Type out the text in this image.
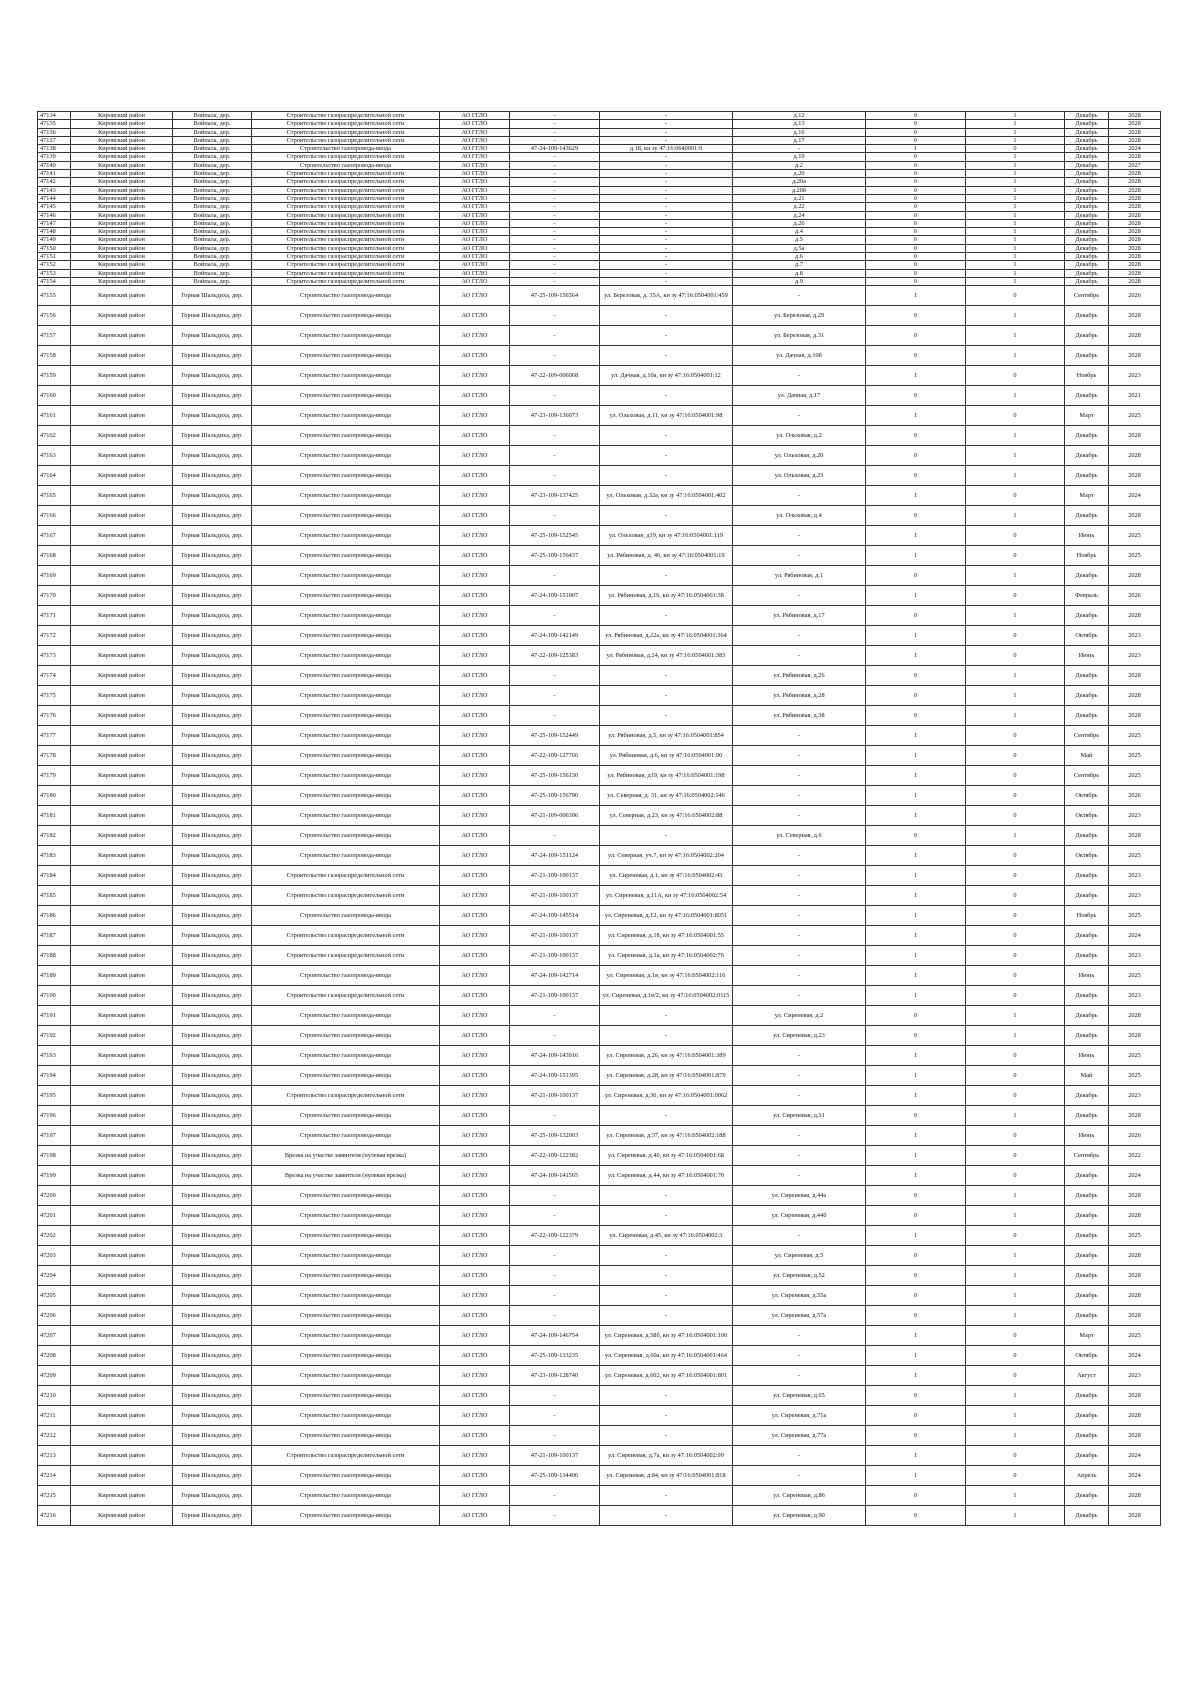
47134	Кировский район	Войпала, дер.	Строительство газораспределительной сети	АО ГГЛО	-	-	д.12	0	1	Декабрь	2028
47135	Кировский район	Войпала, дер.	Строительство газораспределительной сети	АО ГГЛО	-	-	д.13	0	1	Декабрь	2028
47136	Кировский район	Войпала, дер.	Строительство газораспределительной сети	АО ГГЛО	-	-	д.16	0	1	Декабрь	2028
47137	Кировский район	Войпала, дер.	Строительство газораспределительной сети	АО ГГЛО	-	-	д.17	0	1	Декабрь	2028
47138	Кировский район	Войпала, дер.	Строительство газопровода-ввода	АО ГГЛО	47-24-109-143629	д.18, кн зу 47:16:0640001:9	-	1	0	Декабрь	2024
47139	Кировский район	Войпала, дер.	Строительство газораспределительной сети	АО ГГЛО	-	-	д.19	0	1	Декабрь	2028
47140	Кировский район	Войпала, дер.	Строительство газопровода-ввода	АО ГГЛО	-	-	д.2	0	1	Декабрь	2027
47141	Кировский район	Войпала, дер.	Строительство газораспределительной сети	АО ГГЛО	-	-	д.20	0	1	Декабрь	2028
47142	Кировский район	Войпала, дер.	Строительство газораспределительной сети	АО ГГЛО	-	-	д.20а	0	1	Декабрь	2028
47143	Кировский район	Войпала, дер.	Строительство газораспределительной сети	АО ГГЛО	-	-	д.20б	0	1	Декабрь	2028
47144	Кировский район	Войпала, дер.	Строительство газораспределительной сети	АО ГГЛО	-	-	д.21	0	1	Декабрь	2028
47145	Кировский район	Войпала, дер.	Строительство газораспределительной сети	АО ГГЛО	-	-	д.22	0	1	Декабрь	2028
47146	Кировский район	Войпала, дер.	Строительство газораспределительной сети	АО ГГЛО	-	-	д.24	0	1	Декабрь	2028
47147	Кировский район	Войпала, дер.	Строительство газораспределительной сети	АО ГГЛО	-	-	д.26	0	1	Декабрь	2028
47148	Кировский район	Войпала, дер.	Строительство газораспределительной сети	АО ГГЛО	-	-	д.4	0	1	Декабрь	2028
47149	Кировский район	Войпала, дер.	Строительство газораспределительной сети	АО ГГЛО	-	-	д.5	0	1	Декабрь	2028
47150	Кировский район	Войпала, дер.	Строительство газораспределительной сети	АО ГГЛО	-	-	д.5а	0	1	Декабрь	2028
47151	Кировский район	Войпала, дер.	Строительство газораспределительной сети	АО ГГЛО	-	-	д.6	0	1	Декабрь	2028
47152	Кировский район	Войпала, дер.	Строительство газораспределительной сети	АО ГГЛО	-	-	д.7	0	1	Декабрь	2028
47153	Кировский район	Войпала, дер.	Строительство газораспределительной сети	АО ГГЛО	-	-	д.8	0	1	Декабрь	2028
47154	Кировский район	Войпала, дер.	Строительство газораспределительной сети	АО ГГЛО	-	-	д.9	0	1	Декабрь	2028
47155	Кировский район	Горная Шальдиха, дер.	Строительство газопровода-ввода	АО ГГЛО	47-25-109-156564	ул. Березовая, д. 35А, кн зу 47:16:0504001:459	-	1	0	Сентябрь	2026
47156	Кировский район	Горная Шальдиха, дер.	Строительство газопровода-ввода	АО ГГЛО	-	-	ул. Березовая, д.29	0	1	Декабрь	2028
47157	Кировский район	Горная Шальдиха, дер.	Строительство газопровода-ввода	АО ГГЛО	-	-	ул. Березовая, д.31	0	1	Декабрь	2028
47158	Кировский район	Горная Шальдиха, дер.	Строительство газопровода-ввода	АО ГГЛО	-	-	ул. Дачная, д.10б	0	1	Декабрь	2028
47159	Кировский район	Горная Шальдиха, дер.	Строительство газопровода-ввода	АО ГГЛО	47-22-109-006068	ул. Дачная, д.10а, кн зу 47:16:0504001:12	-	1	0	Ноябрь	2023
47160	Кировский район	Горная Шальдиха, дер.	Строительство газопровода-ввода	АО ГГЛО	-	-	ул. Дачная, д.17	0	1	Декабрь	2021
47161	Кировский район	Горная Шальдиха, дер.	Строительство газопровода-ввода	АО ГГЛО	47-23-109-136073	ул. Ольховая, д.11, кн зу 47:16:0504001:98	-	1	0	Март	2025
47162	Кировский район	Горная Шальдиха, дер.	Строительство газопровода-ввода	АО ГГЛО	-	-	ул. Ольховая, д.2	0	1	Декабрь	2028
47163	Кировский район	Горная Шальдиха, дер.	Строительство газопровода-ввода	АО ГГЛО	-	-	ул. Ольховая, д.20	0	1	Декабрь	2028
47164	Кировский район	Горная Шальдиха, дер.	Строительство газопровода-ввода	АО ГГЛО	-	-	ул. Ольховая, д.23	0	1	Декабрь	2028
47165	Кировский район	Горная Шальдиха, дер.	Строительство газопровода-ввода	АО ГГЛО	47-23-109-137425	ул. Ольховая, д.32а, кн зу 47:16:0504001:402	-	1	0	Март	2024
47166	Кировский район	Горная Шальдиха, дер.	Строительство газопровода-ввода	АО ГГЛО	-	-	ул. Ольховая, д.4	0	1	Декабрь	2028
47167	Кировский район	Горная Шальдиха, дер.	Строительство газопровода-ввода	АО ГГЛО	47-25-109-152545	ул. Ольховая, д19, кн зу 47:16:0504001:119	-	1	0	Июнь	2025
47168	Кировский район	Горная Шальдиха, дер.	Строительство газопровода-ввода	АО ГГЛО	47-25-109-156437	ул. Рябиновая, д. 46, кн зу 47:16:0504001:19	-	1	0	Ноябрь	2025
47169	Кировский район	Горная Шальдиха, дер.	Строительство газопровода-ввода	АО ГГЛО	-	-	ул. Рябиновая, д.1	0	1	Декабрь	2028
47170	Кировский район	Горная Шальдиха, дер.	Строительство газопровода-ввода	АО ГГЛО	47-24-109-151007	ул. Рябиновая, д.16, кн зу 47:16:0504001:38	-	1	0	Февраль	2026
47171	Кировский район	Горная Шальдиха, дер.	Строительство газопровода-ввода	АО ГГЛО	-	-	ул. Рябиновая, д.17	0	1	Декабрь	2028
47172	Кировский район	Горная Шальдиха, дер.	Строительство газопровода-ввода	АО ГГЛО	47-24-109-142149	ул. Рябиновая, д.22а, кн зу 47:16:0504001:364	-	1	0	Октябрь	2023
47173	Кировский район	Горная Шальдиха, дер.	Строительство газопровода-ввода	АО ГГЛО	47-22-109-125383	ул. Рябиновая, д.24, кн зу 47:16:0504001:383	-	1	0	Июнь	2023
47174	Кировский район	Горная Шальдиха, дер.	Строительство газопровода-ввода	АО ГГЛО	-	-	ул. Рябиновая, д.26	0	1	Декабрь	2028
47175	Кировский район	Горная Шальдиха, дер.	Строительство газопровода-ввода	АО ГГЛО	-	-	ул. Рябиновая, д.28	0	1	Декабрь	2028
47176	Кировский район	Горная Шальдиха, дер.	Строительство газопровода-ввода	АО ГГЛО	-	-	ул. Рябиновая, д.38	0	1	Декабрь	2028
47177	Кировский район	Горная Шальдиха, дер.	Строительство газопровода-ввода	АО ГГЛО	47-25-109-152449	ул. Рябиновая, д.5, кн зу 47:16:0504001:854	-	1	0	Сентябрь	2025
47178	Кировский район	Горная Шальдиха, дер.	Строительство газопровода-ввода	АО ГГЛО	47-22-109-127766	ул. Рябиновая, д.6, кн зу 47:16:0504001:90	-	1	0	Май	2025
47179	Кировский район	Горная Шальдиха, дер.	Строительство газопровода-ввода	АО ГГЛО	47-25-109-156130	ул. Рябиновая, д19, кн зу 47:16:0504001:198	-	1	0	Сентябрь	2025
47180	Кировский район	Горная Шальдиха, дер.	Строительство газопровода-ввода	АО ГГЛО	47-25-109-156790	ул. Северная, д. 31, кн зу 47:16:0504002:146	-	1	0	Октябрь	2026
47181	Кировский район	Горная Шальдиха, дер.	Строительство газопровода-ввода	АО ГГЛО	47-21-109-006306	ул. Северная, д.23, кн зу 47:16:0504002:88	-	1	0	Октябрь	2023
47182	Кировский район	Горная Шальдиха, дер.	Строительство газопровода-ввода	АО ГГЛО	-	-	ул. Северная, д.6	0	1	Декабрь	2028
47183	Кировский район	Горная Шальдиха, дер.	Строительство газопровода-ввода	АО ГГЛО	47-24-109-151124	ул. Северная, уч.7, кн зу 47:16:0504002:204	-	1	0	Октябрь	2025
47184	Кировский район	Горная Шальдиха, дер.	Строительство газораспределительной сети	АО ГГЛО	47-21-109-100137	ул. Сиреневая, д.1, кн зу 47:16:0504002:43	-	1	0	Декабрь	2023
47185	Кировский район	Горная Шальдиха, дер.	Строительство газораспределительной сети	АО ГГЛО	47-21-109-100137	ул. Сиреневая, д.11А, кн зу 47:16:0504002:54	-	1	0	Декабрь	2023
47186	Кировский район	Горная Шальдиха, дер.	Строительство газопровода-ввода	АО ГГЛО	47-24-109-145514	ул. Сиреневая, д.12, кн зу 47:16:0504001:8051	-	1	0	Ноябрь	2025
47187	Кировский район	Горная Шальдиха, дер.	Строительство газораспределительной сети	АО ГГЛО	47-21-109-100137	ул. Сиреневая, д.18, кн зу 47:16:0504001:55	-	1	0	Декабрь	2024
47188	Кировский район	Горная Шальдиха, дер.	Строительство газораспределительной сети	АО ГГЛО	47-21-109-100137	ул. Сиреневая, д.1а, кн зу 47:16:0504002:76	-	1	0	Декабрь	2023
47189	Кировский район	Горная Шальдиха, дер.	Строительство газопровода-ввода	АО ГГЛО	47-24-109-142714	ул. Сиреневая, д.1в, кн зу 47:16:0504002:116	-	1	0	Июнь	2025
47190	Кировский район	Горная Шальдиха, дер.	Строительство газораспределительной сети	АО ГГЛО	47-21-109-100137	ул. Сиреневая, д.1в/2, кн зу 47:16:0504002:0115	-	1	0	Декабрь	2023
47191	Кировский район	Горная Шальдиха, дер.	Строительство газопровода-ввода	АО ГГЛО	-	-	ул. Сиреневая, д.2	0	1	Декабрь	2028
47192	Кировский район	Горная Шальдиха, дер.	Строительство газопровода-ввода	АО ГГЛО	-	-	ул. Сиреневая, д.23	0	1	Декабрь	2028
47193	Кировский район	Горная Шальдиха, дер.	Строительство газопровода-ввода	АО ГГЛО	47-24-109-143916	ул. Сиреневая, д.26, кн зу 47:16:0504001:389	-	1	0	Июнь	2025
47194	Кировский район	Горная Шальдиха, дер.	Строительство газопровода-ввода	АО ГГЛО	47-24-109-151395	ул. Сиреневая, д.28, кн зу 47:16:0504001:879	-	1	0	Май	2025
47195	Кировский район	Горная Шальдиха, дер.	Строительство газораспределительной сети	АО ГГЛО	47-21-109-100137	ул. Сиреневая, д.30, кн зу 47:16:0504001:0062	-	1	0	Декабрь	2023
47196	Кировский район	Горная Шальдиха, дер.	Строительство газопровода-ввода	АО ГГЛО	-	-	ул. Сиреневая, д.31	0	1	Декабрь	2028
47197	Кировский район	Горная Шальдиха, дер.	Строительство газопровода-ввода	АО ГГЛО	47-25-109-132003	ул. Сиреневая, д.37, кн зу 47:16:0504002:188	-	1	0	Июнь	2026
47198	Кировский район	Горная Шальдиха, дер.	Врезка на участке заявителя (нулевая врезка)	АО ГГЛО	47-22-109-122382	ул. Сиреневая, д.40, кн зу 47:16:0504001:68	-	1	0	Сентябрь	2022
47199	Кировский район	Горная Шальдиха, дер.	Врезка на участке заявителя (нулевая врезка)	АО ГГЛО	47-24-109-141565	ул. Сиреневая, д.44, кн зу 47:16:0504001:70	-	1	0	Декабрь	2024
47200	Кировский район	Горная Шальдиха, дер.	Строительство газопровода-ввода	АО ГГЛО	-	-	ул. Сиреневая, д.44а	0	1	Декабрь	2028
47201	Кировский район	Горная Шальдиха, дер.	Строительство газопровода-ввода	АО ГГЛО	-	-	ул. Сиреневая, д.44б	0	1	Декабрь	2028
47202	Кировский район	Горная Шальдиха, дер.	Строительство газопровода-ввода	АО ГГЛО	47-22-109-122379	ул. Сиреневая, д.45, кн зу 47:16:0504002:3	-	1	0	Декабрь	2025
47203	Кировский район	Горная Шальдиха, дер.	Строительство газопровода-ввода	АО ГГЛО	-	-	ул. Сиреневая, д.5	0	1	Декабрь	2028
47204	Кировский район	Горная Шальдиха, дер.	Строительство газопровода-ввода	АО ГГЛО	-	-	ул. Сиреневая, д.52	0	1	Декабрь	2028
47205	Кировский район	Горная Шальдиха, дер.	Строительство газопровода-ввода	АО ГГЛО	-	-	ул. Сиреневая, д.55а	0	1	Декабрь	2028
47206	Кировский район	Горная Шальдиха, дер.	Строительство газопровода-ввода	АО ГГЛО	-	-	ул. Сиреневая, д.57а	0	1	Декабрь	2028
47207	Кировский район	Горная Шальдиха, дер.	Строительство газопровода-ввода	АО ГГЛО	47-24-109-146754	ул. Сиреневая, д.58б, кн зу 47:16:0504001:100	-	1	0	Март	2025
47208	Кировский район	Горная Шальдиха, дер.	Строительство газопровода-ввода	АО ГГЛО	47-25-109-133235	ул. Сиреневая, д.60а, кн зу 47:16:0504001:464	-	1	0	Октябрь	2024
47209	Кировский район	Горная Шальдиха, дер.	Строительство газопровода-ввода	АО ГГЛО	47-23-109-128740	ул. Сиреневая, д.602, кн зу 47:16:0504001:801	-	1	0	Август	2023
47210	Кировский район	Горная Шальдиха, дер.	Строительство газопровода-ввода	АО ГГЛО	-	-	ул. Сиреневая, д.65	0	1	Декабрь	2028
47211	Кировский район	Горная Шальдиха, дер.	Строительство газопровода-ввода	АО ГГЛО	-	-	ул. Сиреневая, д.71а	0	1	Декабрь	2028
47212	Кировский район	Горная Шальдиха, дер.	Строительство газопровода-ввода	АО ГГЛО	-	-	ул. Сиреневая, д.77а	0	1	Декабрь	2028
47213	Кировский район	Горная Шальдиха, дер.	Строительство газораспределительной сети	АО ГГЛО	47-21-109-100137	ул. Сиреневая, д.7а, кн зу 47:16:0504002:99	-	1	0	Декабрь	2024
47214	Кировский район	Горная Шальдиха, дер.	Строительство газопровода-ввода	АО ГГЛО	47-25-109-134406	ул. Сиреневая, д.84, кн зу 47:16:0504001:818	-	1	0	Апрель	2024
47215	Кировский район	Горная Шальдиха, дер.	Строительство газопровода-ввода	АО ГГЛО	-	-	ул. Сиреневая, д.86	0	1	Декабрь	2028
47216	Кировский район	Горная Шальдиха, дер.	Строительство газопровода-ввода	АО ГГЛО	-	-	ул. Сиреневая, д.90	0	1	Декабрь	2028
